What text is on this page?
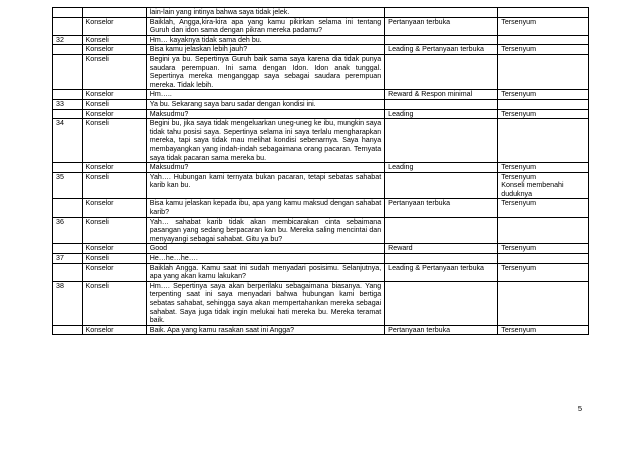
		lain-lain yang intinya bahwa saya tidak jelek.		
	Konselor	Baiklah, Angga,kira-kira apa yang kamu pikirkan selama ini tentang Guruh dan idon sama dengan pikran mereka padamu?	Pertanyaan terbuka	Tersenyum
32	Konseli	Hm… kayaknya tidak sama deh bu.		
	Konselor	Bisa kamu jelaskan lebih jauh?	Leading & Pertanyaan terbuka	Tersenyum
	Konseli	Begini ya bu. Sepertinya Guruh baik sama saya karena dia tidak punya saudara perempuan. Ini sama dengan Idon. Idon anak tunggal. Sepertinya mereka menganggap saya sebagai saudara perempuan mereka. Tidak lebih.		
	Konselor	Hm…..	Reward & Respon minimal	Tersenyum
33	Konseli	Ya bu. Sekarang saya baru sadar dengan kondisi ini.		
	Konselor	Maksudmu?	Leading	Tersenyum
34	Konseli	Begini bu, jika saya tidak mengeluarkan uneg-uneg ke ibu, mungkin saya tidak tahu posisi saya. Sepertinya selama ini saya terlalu mengharapkan mereka, tapi saya tidak mau melihat kondisi sebenarnya. Saya hanya membayangkan yang indah-indah sebagaimana orang pacaran. Ternyata saya tidak pacaran sama mereka bu.		
	Konselor	Maksudmu?	Leading	Tersenyum
35	Konseli	Yah…. Hubungan kami ternyata bukan pacaran, tetapi sebatas sahabat karib kan bu.		Tersenyum
Konseli membenahi duduknya
	Konselor	Bisa kamu jelaskan kepada ibu, apa yang kamu maksud dengan sahabat karib?	Pertanyaan terbuka	Tersenyum
36	Konseli	Yah… sahabat karib tidak akan membicarakan cinta sebaimana pasangan yang sedang berpacaran kan bu. Mereka saling mencintai dan menyayangi sebagai sahabat. Gitu ya bu?		
	Konselor	Good	Reward	Tersenyum
37	Konseli	He…he…he….		
	Konselor	Baiklah Angga. Kamu saat ini sudah menyadari posisimu. Selanjutnya, apa yang akan kamu lakukan?	Leading & Pertanyaan terbuka	Tersenyum
38	Konseli	Hm…. Sepertinya saya akan berperilaku sebagaimana biasanya. Yang terpenting saat ini saya menyadari bahwa hubungan kami bertiga sebatas sahabat, sehingga saya akan mempertahankan mereka sebagai sahabat. Saya juga tidak ingin melukai hati mereka bu. Mereka teramat baik.		
	Konselor	Baik. Apa yang kamu rasakan saat ini Angga?	Pertanyaan terbuka	Tersenyum
5
